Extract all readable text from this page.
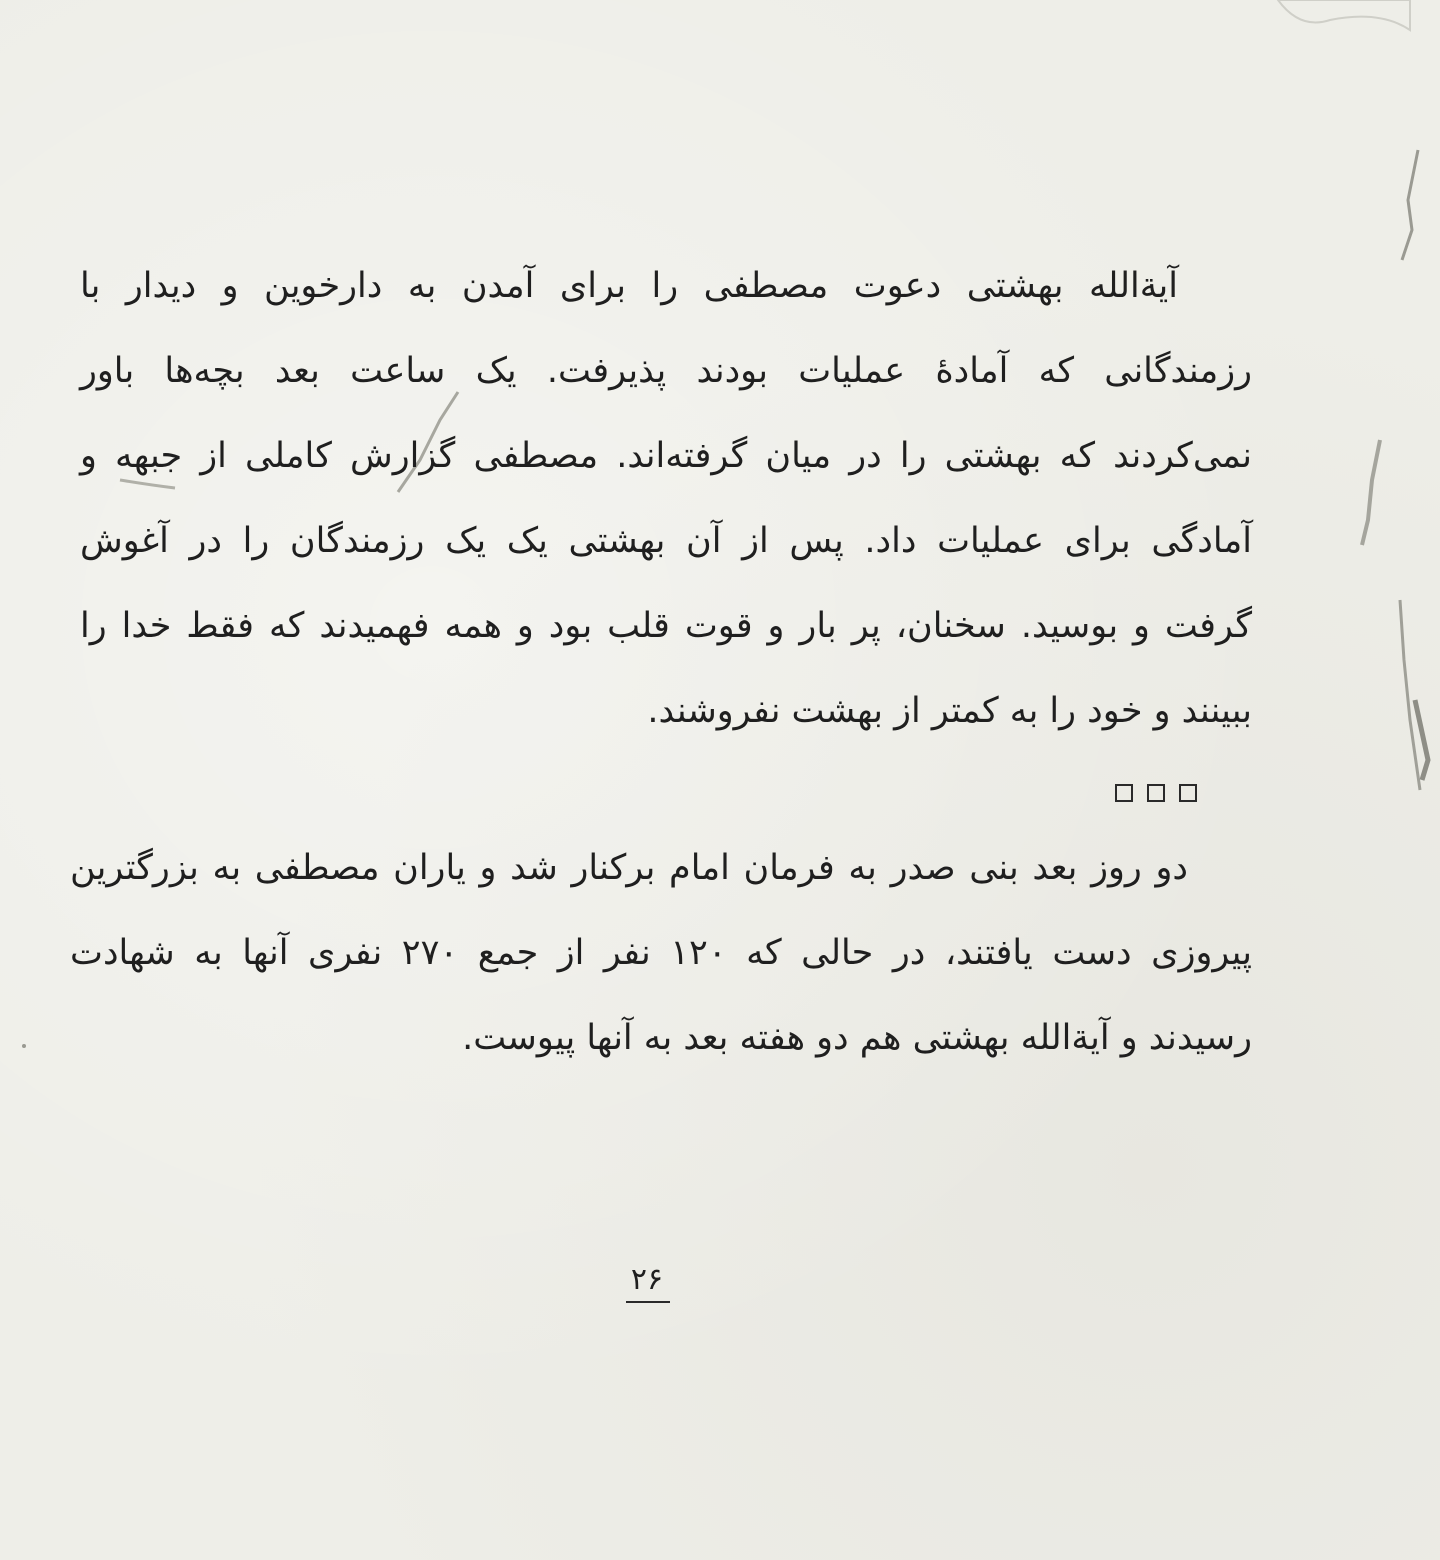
آیة‌الله بهشتی دعوت مصطفی را برای آمدن به دارخوین و دیدار با
رزمندگانی که آمادهٔ عملیات بودند پذیرفت. یک ساعت بعد بچه‌ها باور
نمی‌کردند که بهشتی را در میان گرفته‌اند. مصطفی گزارش کاملی از جبهه و
آمادگی برای عملیات داد. پس از آن بهشتی یک یک رزمندگان را در آغوش
گرفت و بوسید. سخنان، پر بار و قوت قلب بود و همه فهمیدند که فقط خدا را
ببینند و خود را به کمتر از بهشت نفروشند.
دو روز بعد بنی صدر به فرمان امام برکنار شد و یاران مصطفی به بزرگترین
پیروزی دست یافتند، در حالی که ۱۲۰ نفر از جمع ۲۷۰ نفری آنها به شهادت
رسیدند و آیة‌الله بهشتی هم دو هفته بعد به آنها پیوست.
۲۶
